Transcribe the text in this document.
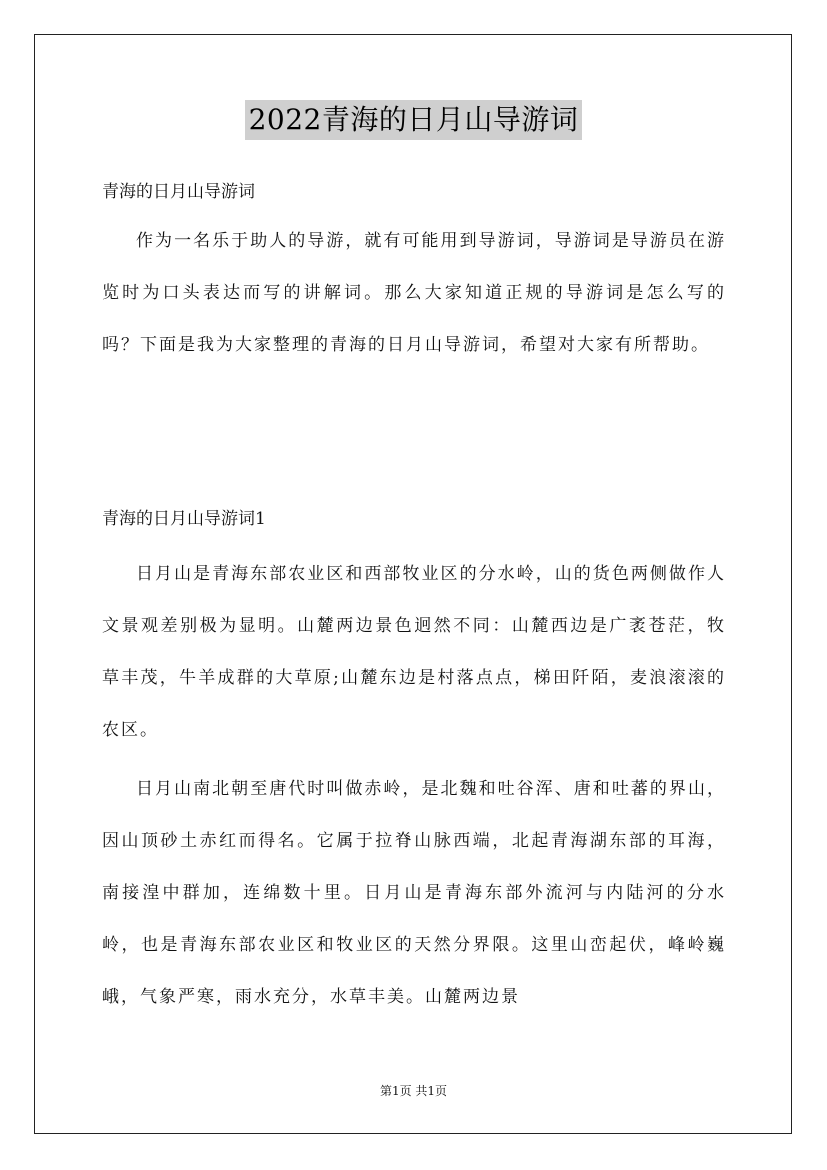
2022青海的日月山导游词
青海的日月山导游词

作为一名乐于助人的导游，就有可能用到导游词，导游词是导游员在游览时为口头表达而写的讲解词。那么大家知道正规的导游词是怎么写的吗？下面是我为大家整理的青海的日月山导游词，希望对大家有所帮助。

青海的日月山导游词1

日月山是青海东部农业区和西部牧业区的分水岭，山的货色两侧做作人文景观差别极为显明。山麓两边景色迥然不同：山麓西边是广袤苍茫，牧草丰茂，牛羊成群的大草原;山麓东边是村落点点，梯田阡陌，麦浪滚滚的农区。

日月山南北朝至唐代时叫做赤岭，是北魏和吐谷浑、唐和吐蕃的界山，因山顶砂土赤红而得名。它属于拉脊山脉西端，北起青海湖东部的耳海，南接湟中群加，连绵数十里。日月山是青海东部外流河与内陆河的分水岭，也是青海东部农业区和牧业区的天然分界限。这里山峦起伏，峰岭巍峨，气象严寒，雨水充分，水草丰美。山麓两边景

第1页 共1页
